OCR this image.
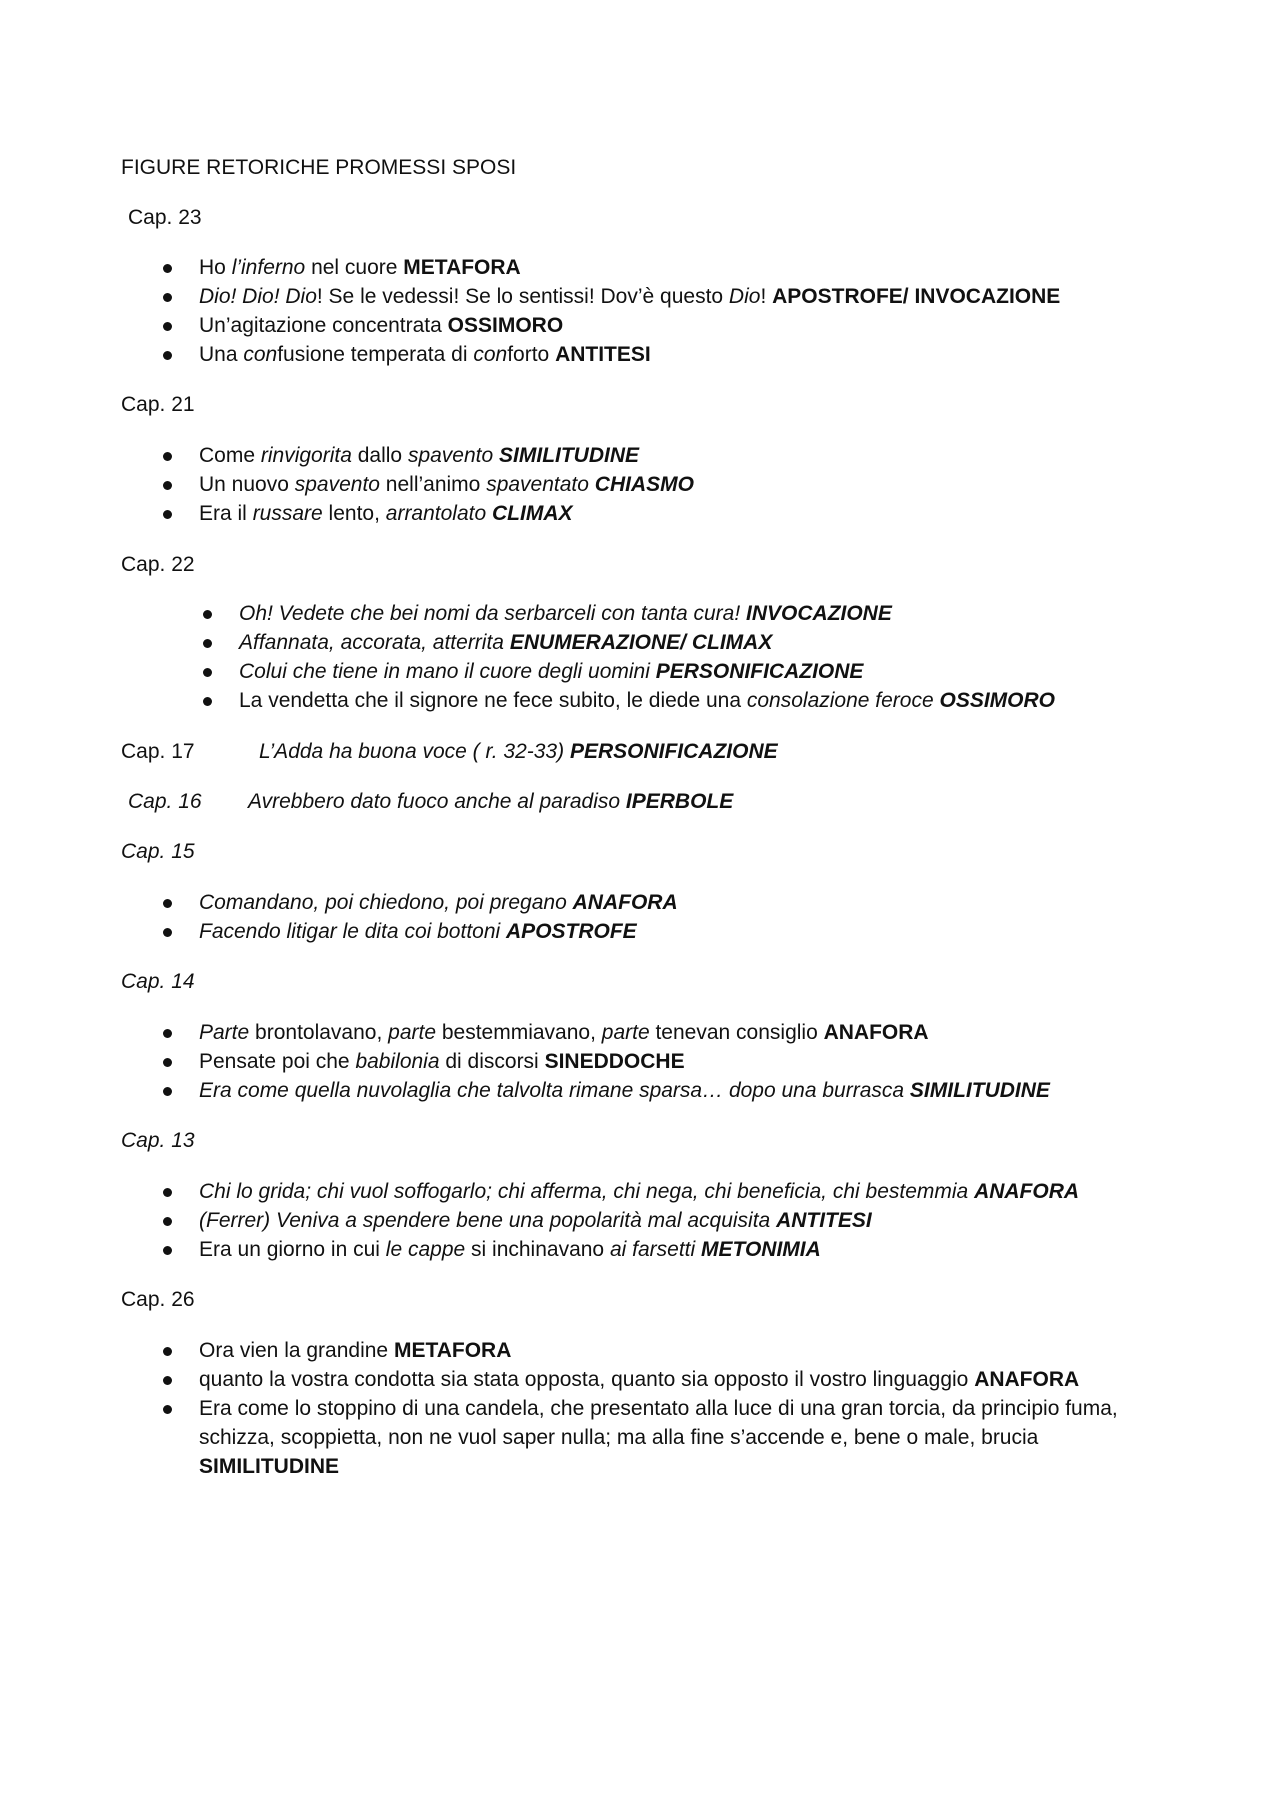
FIGURE RETORICHE PROMESSI SPOSI
Cap. 23
Ho l’inferno nel cuore METAFORA
Dio! Dio! Dio! Se le vedessi! Se lo sentissi! Dov’è questo Dio! APOSTROFE/ INVOCAZIONE
Un’agitazione concentrata OSSIMORO
Una confusione temperata di conforto ANTITESI
Cap. 21
Come rinvigorita dallo spavento SIMILITUDINE
Un nuovo spavento nell’animo spaventato CHIASMO
Era il russare lento, arrantolato CLIMAX
Cap. 22
Oh! Vedete che bei nomi da serbarceli con tanta cura! INVOCAZIONE
Affannata, accorata, atterrita ENUMERAZIONE/ CLIMAX
Colui che tiene in mano il cuore degli uomini PERSONIFICAZIONE
La vendetta che il signore ne fece subito, le diede una consolazione feroce OSSIMORO
Cap. 17	L’Adda ha buona voce ( r. 32-33) PERSONIFICAZIONE
Cap. 16 Avrebbero dato fuoco anche al paradiso IPERBOLE
Cap. 15
Comandano, poi chiedono, poi pregano ANAFORA
Facendo litigar le dita coi bottoni APOSTROFE
Cap. 14
Parte brontolavano, parte bestemmiavano, parte tenevan consiglio ANAFORA
Pensate poi che babilonia di discorsi SINEDDOCHE
Era come quella nuvolaglia che talvolta rimane sparsa… dopo una burrasca SIMILITUDINE
Cap. 13
Chi lo grida; chi vuol soffogarlo; chi afferma, chi nega, chi beneficia, chi bestemmia ANAFORA
(Ferrer) Veniva a spendere bene una popolarità mal acquisita ANTITESI
Era un giorno in cui le cappe si inchinavano ai farsetti METONIMIA
Cap. 26
Ora vien la grandine METAFORA
quanto la vostra condotta sia stata opposta, quanto sia opposto il vostro linguaggio ANAFORA
Era come lo stoppino di una candela, che presentato alla luce di una gran torcia, da principio fuma,
schizza, scoppietta, non ne vuol saper nulla; ma alla fine s’accende e, bene o male, brucia
SIMILITUDINE
